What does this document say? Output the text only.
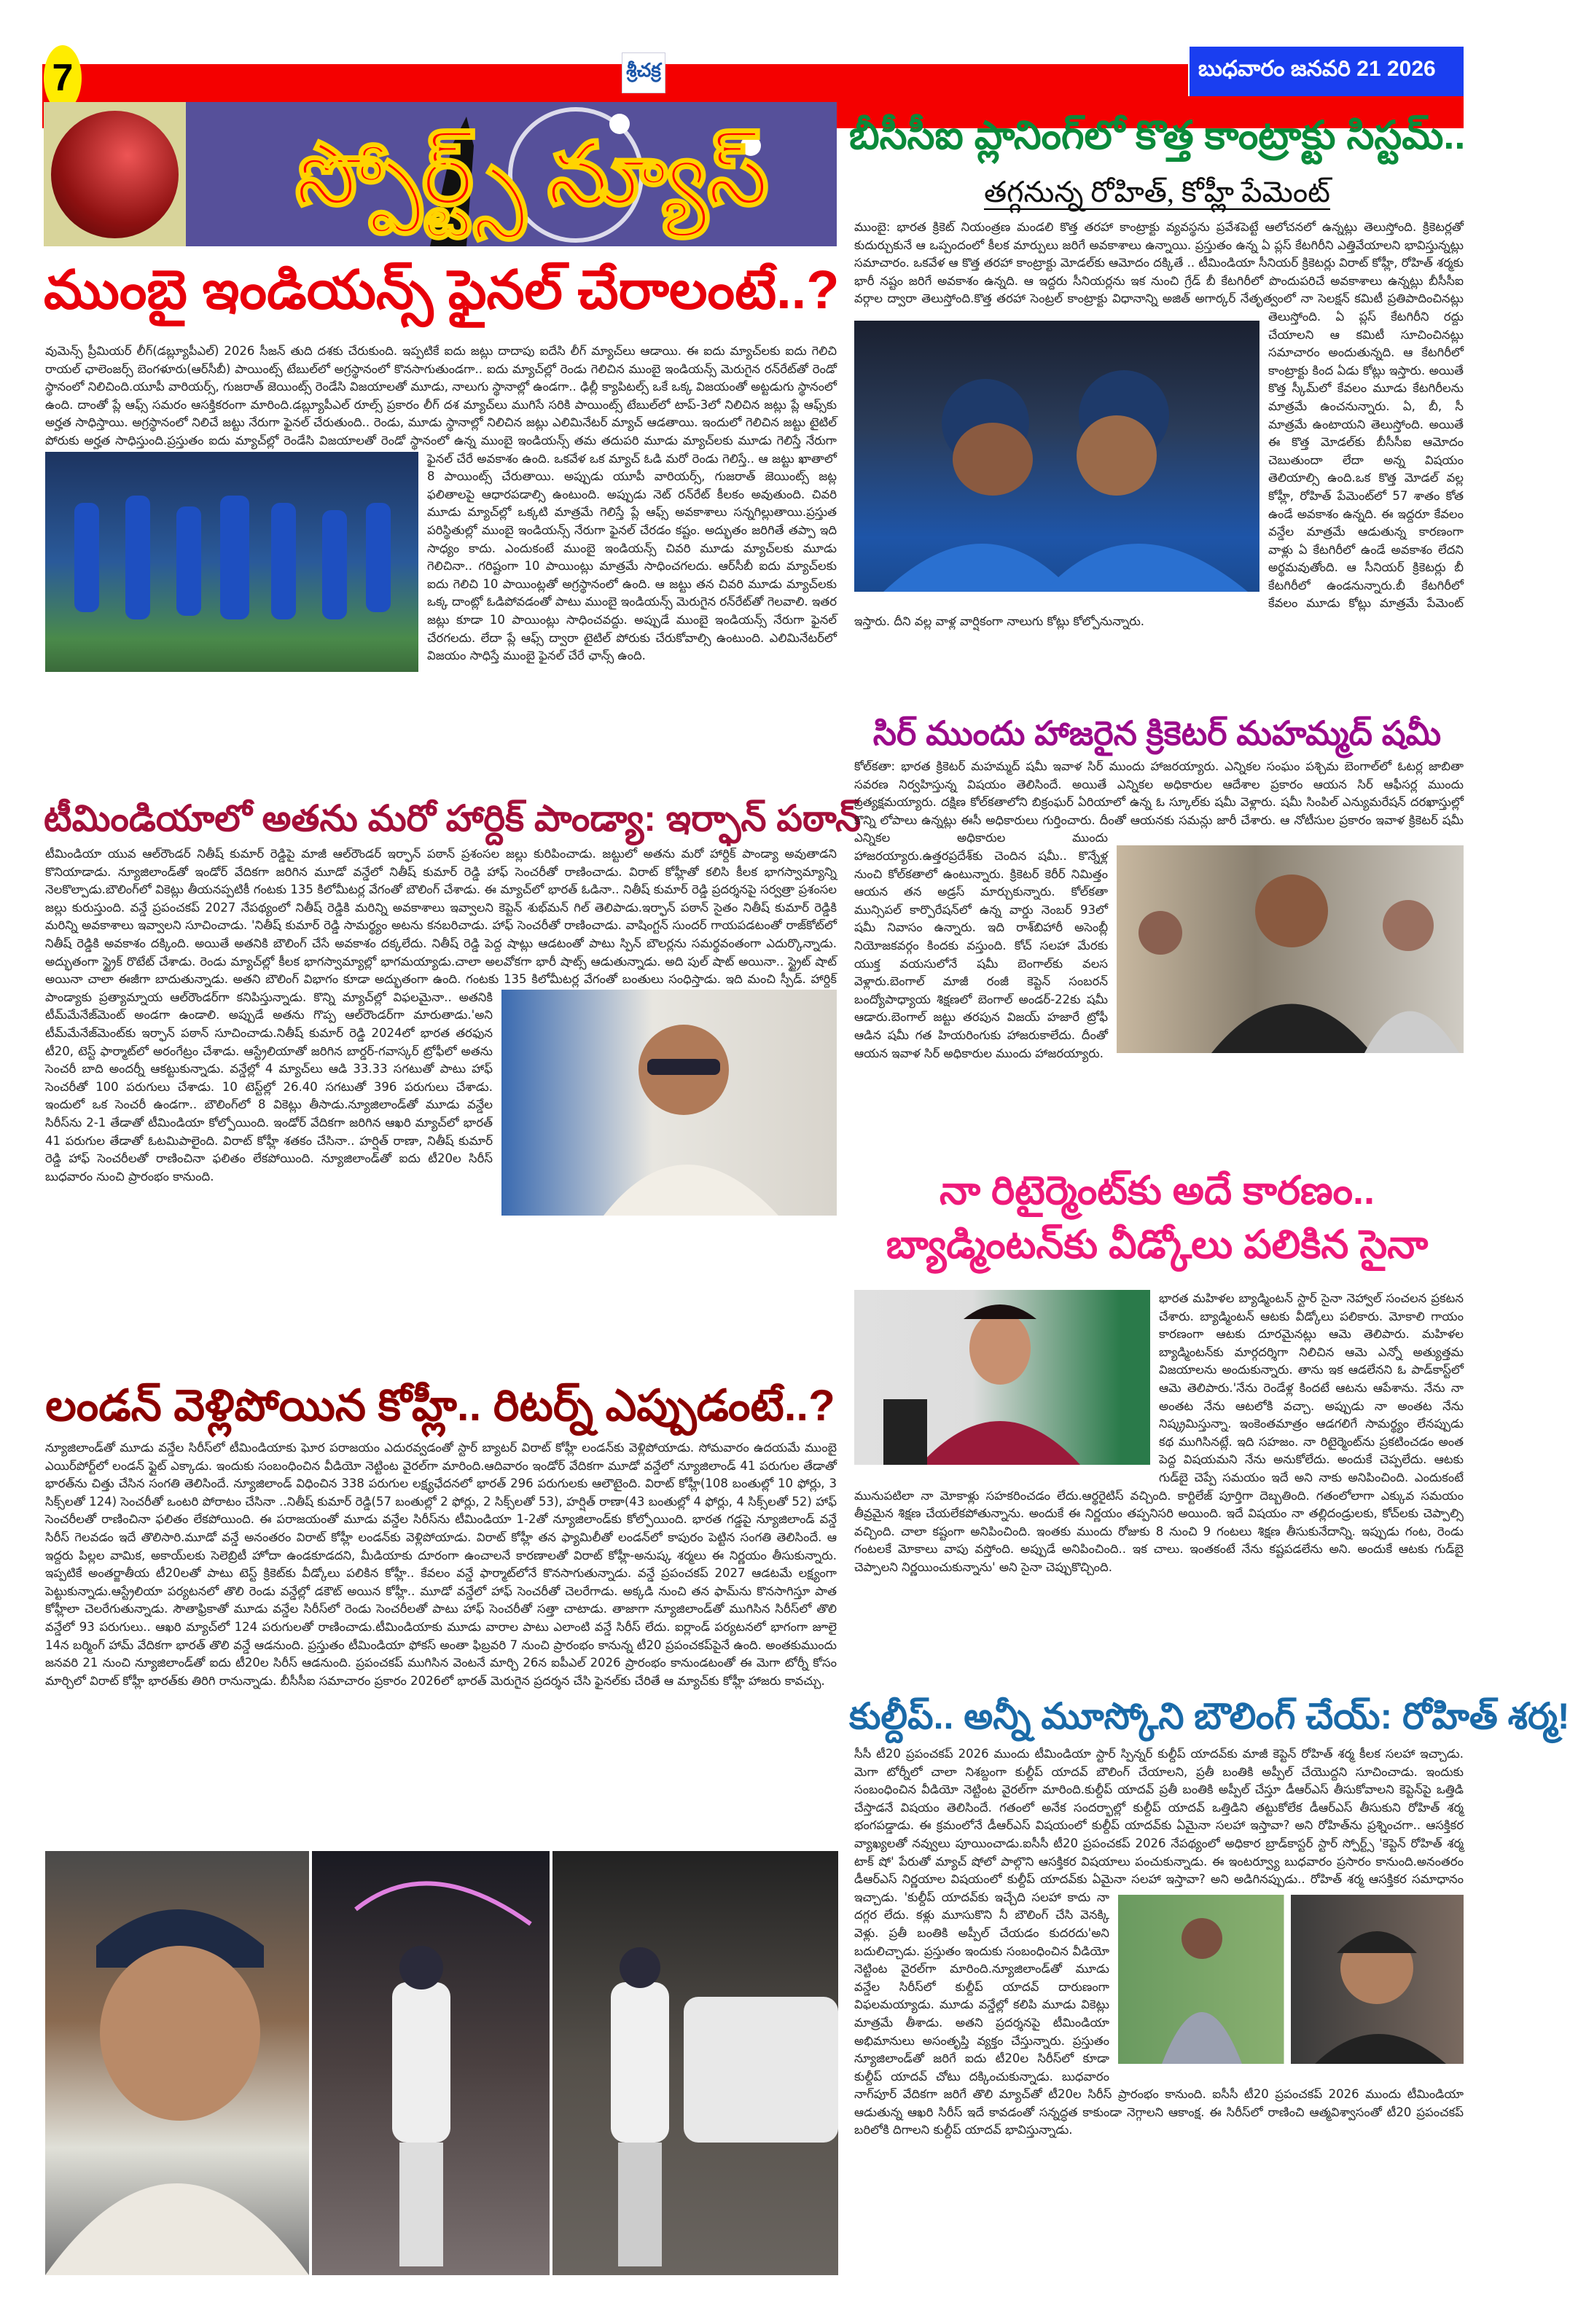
7	శ్రీచక్ర	బుధవారం జనవరి 21 2026
స్పోర్ట్స్ న్యూస్
ముంబై ఇండియన్స్ ఫైనల్ చేరాలంటే..?

వుమెన్స్ ప్రీమియర్ లీగ్(డబ్ల్యూపీఎల్) 2026 సీజన్ తుది దశకు చేరుకుంది. ఇప్పటికే ఐదు జట్లు దాదాపు ఐదేసి లీగ్ మ్యాచ్‌లు ఆడాయి. ఈ ఐదు మ్యాచ్‌లకు ఐదు గెలిచి రాయల్ ఛాలెంజర్స్ బెంగళూరు(ఆర్‌సీబీ) పాయింట్స్ టేబుల్‌లో అగ్రస్థానంలో కొనసాగుతుండగా.. ఐదు మ్యాచ్‌ల్లో రెండు గెలిచిన ముంబై ఇండియన్స్ మెరుగైన రన్‌రేట్‌తో రెండో స్థానంలో నిలిచింది.యూపీ వారియర్స్, గుజరాత్ జెయింట్స్ రెండేసి విజయాలతో మూడు, నాలుగు స్థానాల్లో ఉండగా.. ఢిల్లీ క్యాపిటల్స్ ఒకే ఒక్క విజయంతో అట్టడుగు స్థానంలో ఉంది. దాంతో ప్లే ఆఫ్స్ సమరం ఆసక్తికరంగా మారింది.డబ్ల్యూపీఎల్ రూల్స్ ప్రకారం లీగ్ దశ మ్యాచ్‌లు ముగిసే సరికి పాయింట్స్ టేబుల్‌లో టాప్-3లో నిలిచిన జట్లు ప్లే ఆఫ్స్‌కు అర్హత సాధిస్తాయి. అగ్రస్థానంలో నిలిచే జట్టు నేరుగా ఫైనల్ చేరుతుంది.. రెండు, మూడు స్థానాల్లో నిలిచిన జట్లు ఎలిమినేటర్ మ్యాచ్ ఆడతాయి. ఇందులో గెలిచిన జట్టు టైటిల్ పోరుకు అర్హత సాధిస్తుంది.ప్రస్తుతం ఐదు మ్యాచ్‌ల్లో రెండేసి విజయాలతో రెండో స్థానంలో ఉన్న ముంబై ఇండియన్స్ తమ తదుపరి మూడు మ్యాచ్‌లకు మూడు గెలిస్తే నేరుగా ఫైనల్ చేరే అవకాశం ఉంది. ఒకవేళ ఒక మ్యాచ్ ఓడి మరో రెండు గెలిస్తే.. ఆ జట్టు ఖాతాలో 8 పాయింట్స్ చేరుతాయి. అప్పుడు యూపీ వారియర్స్, గుజరాత్ జెయింట్స్ జట్ల ఫలితాలపై ఆధారపడాల్సి ఉంటుంది. అప్పుడు నెట్ రన్‌రేట్ కీలకం అవుతుంది. చివరి మూడు మ్యాచ్‌ల్లో ఒక్కటి మాత్రమే గెలిస్తే ప్లే ఆఫ్స్ అవకాశాలు సన్నగిల్లుతాయి.ప్రస్తుత పరిస్థితుల్లో ముంబై ఇండియన్స్ నేరుగా ఫైనల్ చేరడం కష్టం. అద్భుతం జరిగితే తప్పా ఇది సాధ్యం కాదు. ఎందుకంటే ముంబై ఇండియన్స్ చివరి మూడు మ్యాచ్‌లకు మూడు గెలిచినా.. గరిష్టంగా 10 పాయింట్లు మాత్రమే సాధించగలదు. ఆర్‌సీబీ ఐదు మ్యాచ్‌లకు ఐదు గెలిచి 10 పాయింట్లతో అగ్రస్థానంలో ఉంది. ఆ జట్టు తన చివరి మూడు మ్యాచ్‌లకు ఒక్క దాంట్లో ఓడిపోవడంతో పాటు ముంబై ఇండియన్స్ మెరుగైన రన్‌రేట్‌తో గెలవాలి. ఇతర జట్లు కూడా 10 పాయింట్లు సాధించవద్దు. అప్పుడే ముంబై ఇండియన్స్ నేరుగా ఫైనల్ చేరగలదు. లేదా ప్లే ఆఫ్స్ ద్వారా టైటిల్ పోరుకు చేరుకోవాల్సి ఉంటుంది. ఎలిమినేటర్‌లో విజయం సాధిస్తే ముంబై ఫైనల్ చేరే ఛాన్స్ ఉంది.

టీమిండియాలో అతను మరో హార్దిక్ పాండ్యా: ఇర్ఫాన్ పఠాన్

టీమిండియా యువ ఆల్‌రౌండర్ నితీష్ కుమార్ రెడ్డిపై మాజీ ఆల్‌రౌండర్ ఇర్ఫాన్ పఠాన్ ప్రశంసల జల్లు కురిపించాడు. జట్టులో అతను మరో హార్దిక్ పాండ్యా అవుతాడని కొనియాడాడు. న్యూజిలాండ్‌తో ఇండోర్ వేదికగా జరిగిన మూడో వన్డేలో నితీష్ కుమార్ రెడ్డి హాఫ్ సెంచరీతో రాణించాడు. విరాట్ కోహ్లీతో కలిసి కీలక భాగస్వామ్యాన్ని నెలకొల్పాడు.బౌలింగ్‌లో వికెట్లు తీయనప్పటికీ గంటకు 135 కిలోమీటర్ల వేగంతో బౌలింగ్ చేశాడు. ఈ మ్యాచ్‌లో భారత్ ఓడినా.. నితీష్ కుమార్ రెడ్డి ప్రదర్శనపై సర్వత్రా ప్రశంసల జల్లు కురుస్తుంది. వన్డే ప్రపంచకప్ 2027 నేపథ్యంలో నితీష్ రెడ్డికి మరిన్ని అవకాశాలు ఇవ్వాలని కెప్టెన్ శుభ్‌మన్ గిల్ తెలిపాడు.ఇర్ఫాన్ పఠాన్ సైతం నితీష్ కుమార్ రెడ్డికి మరిన్ని అవకాశాలు ఇవ్వాలని సూచించాడు. 'నితీష్ కుమార్ రెడ్డి సామర్థ్యం అటను కనబరిచాడు. హాఫ్ సెంచరీతో రాణించాడు. వాషింగ్టన్ సుందర్ గాయపడటంతో రాజ్‌కోట్‌లో నితీష్ రెడ్డికి అవకాశం దక్కింది. అయితే అతనికి బౌలింగ్ చేసే అవకాశం దక్కలేదు. నితీష్ రెడ్డి పెద్ద షాట్లు ఆడటంతో పాటు స్పిన్ బౌలర్లను సమర్థవంతంగా ఎదుర్కొన్నాడు. అద్భుతంగా స్ట్రైక్ రొటేట్ చేశాడు. రెండు మ్యాచ్‌ల్లో కీలక భాగస్వామ్యాల్లో భాగమయ్యాడు.చాలా అలవోకగా భారీ షాట్స్ ఆడుతున్నాడు. అది పుల్ షాట్ అయినా.. స్ట్రైట్ షాట్ అయినా చాలా ఈజీగా బాదుతున్నాడు. అతని బౌలింగ్ విభాగం కూడా అద్భుతంగా ఉంది. గంటకు 135 కిలోమీటర్ల వేగంతో బంతులు సంధిస్తాడు. ఇది మంచి స్పీడ్. హార్దిక్ పాండ్యాకు ప్రత్యామ్నాయ ఆల్‌రౌండర్‌గా కనిపిస్తున్నాడు. కొన్ని మ్యాచ్‌ల్లో విఫలమైనా.. అతనికి టీమ్‌మేనేజ్‌మెంట్ అండగా ఉండాలి. అప్పుడే అతను గొప్ప ఆల్‌రౌండర్‌గా మారుతాడు.'అని టీమ్‌మేనేజ్‌మెంట్‌కు ఇర్ఫాన్ పఠాన్ సూచించాడు.నితీష్ కుమార్ రెడ్డి 2024లో భారత తరఫున టీ20, టెస్ట్ ఫార్మాట్‌లో అరంగేట్రం చేశాడు. ఆస్ట్రేలియాతో జరిగిన బార్డర్-గవాస్కర్ ట్రోఫీలో అతను సెంచరీ బాది అందర్నీ ఆకట్టుకున్నాడు. వన్డేల్లో 4 మ్యాచ్‌లు ఆడి 33.33 సగటుతో పాటు హాఫ్ సెంచరీతో 100 పరుగులు చేశాడు. 10 టెస్ట్‌ల్లో 26.40 సగటుతో 396 పరుగులు చేశాడు. ఇందులో ఒక సెంచరీ ఉండగా.. బౌలింగ్‌లో 8 వికెట్లు తీసాడు.న్యూజిలాండ్‌తో మూడు వన్డేల సిరీస్‌ను 2-1 తేడాతో టీమిండియా కోల్పోయింది. ఇండోర్ వేదికగా జరిగిన ఆఖరి మ్యాచ్‌లో భారత్ 41 పరుగుల తేడాతో ఓటమిపాలైంది. విరాట్ కోహ్లీ శతకం చేసినా.. హర్షిత్ రాణా, నితీష్ కుమార్ రెడ్డి హాఫ్ సెంచరీలతో రాణించినా ఫలితం లేకపోయింది. న్యూజిలాండ్‌తో ఐదు టీ20ల సిరీస్ బుధవారం నుంచి ప్రారంభం కానుంది.

లండన్ వెళ్లిపోయిన కోహ్లీ.. రిటర్న్ ఎప్పుడంటే..?

న్యూజిలాండ్‌తో మూడు వన్డేల సిరీస్‌లో టీమిండియాకు ఘోర పరాజయం ఎదురవ్వడంతో స్టార్ బ్యాటర్ విరాట్ కోహ్లీ లండన్‌కు వెళ్లిపోయాడు. సోమవారం ఉదయమే ముంబై ఎయిర్‌పోర్ట్‌లో లండన్ ఫ్లైట్ ఎక్కాడు. ఇందుకు సంబంధించిన వీడియో నెట్టింట వైరల్‌గా మారింది.ఆదివారం ఇండోర్ వేదికగా మూడో వన్డేలో న్యూజిలాండ్ 41 పరుగుల తేడాతో భారత్‌ను చిత్తు చేసిన సంగతి తెలిసిందే. న్యూజిలాండ్ విధించిన 338 పరుగుల లక్ష్యఛేదనలో భారత్ 296 పరుగులకు ఆలౌటైంది. విరాట్ కోహ్లీ(108 బంతుల్లో 10 ఫోర్లు, 3 సిక్స్‌లతో 124) సెంచరీతో ఒంటరి పోరాటం చేసినా ..నితీష్ కుమార్ రెడ్డి(57 బంతుల్లో 2 ఫోర్లు, 2 సిక్స్‌లతో 53), హర్షిత్ రాణా(43 బంతుల్లో 4 ఫోర్లు, 4 సిక్స్‌లతో 52) హాఫ్ సెంచరీలతో రాణించినా ఫలితం లేకపోయింది. ఈ పరాజయంతో మూడు వన్డేల సిరీస్‌ను టీమిండియా 1-2తో న్యూజిలాండ్‌కు కోల్పోయింది. భారత గడ్డపై న్యూజిలాండ్ వన్డే సిరీస్ గెలవడం ఇదే తొలిసారి.మూడో వన్డే అనంతరం విరాట్ కోహ్లీ లండన్‌కు వెళ్లిపోయాడు. విరాట్ కోహ్లీ తన ఫ్యామిలీతో లండన్‌లో కాపురం పెట్టిన సంగతి తెలిసిందే. ఆ ఇద్దరు పిల్లల వామిక, అకాయ్‌లకు సెలెబ్రిటీ హోదా ఉండకూడదని, మీడియాకు దూరంగా ఉంచాలనే కారణాలతో విరాట్ కోహ్లీ-అనుష్క శర్మలు ఈ నిర్ణయం తీసుకున్నారు. ఇప్పటికే అంతర్జాతీయ టీ20లతో పాటు టెస్ట్ క్రికెట్‌కు వీడ్కోలు పలికిన కోహ్లీ.. కేవలం వన్డే ఫార్మాట్‌లోనే కొనసాగుతున్నాడు. వన్డే ప్రపంచకప్ 2027 ఆడటమే లక్ష్యంగా పెట్టుకున్నాడు.ఆస్ట్రేలియా పర్యటనలో తొలి రెండు వన్డేల్లో డకౌట్ అయిన కోహ్లీ.. మూడో వన్డేలో హాఫ్ సెంచరీతో చెలరేగాడు. అక్కడి నుంచి తన ఫామ్‌ను కొనసాగిస్తూ పాత కోహ్లీలా చెలరేగుతున్నాడు. సౌతాఫ్రికాతో మూడు వన్డేల సిరీస్‌లో రెండు సెంచరీలతో పాటు హాఫ్ సెంచరీతో సత్తా చాటాడు. తాజాగా న్యూజిలాండ్‌తో ముగిసిన సిరీస్‌లో తొలి వన్డేలో 93 పరుగులు.. ఆఖరి మ్యాచ్‌లో 124 పరుగులతో రాణించాడు.టీమిండియాకు మూడు వారాల పాటు ఎలాంటి వన్డే సిరీస్ లేదు. ఐర్లాండ్ పర్యటనలో భాగంగా జూలై 14న బర్మింగ్ హామ్ వేదికగా భారత్ తొలి వన్డే ఆడనుంది. ప్రస్తుతం టీమిండియా ఫోకస్ అంతా ఫిబ్రవరి 7 నుంచి ప్రారంభం కానున్న టీ20 ప్రపంచకప్‌పైనే ఉంది. అంతకుముందు జనవరి 21 నుంచి న్యూజిలాండ్‌తో ఐదు టీ20ల సిరీస్ ఆడనుంది. ప్రపంచకప్ ముగిసిన వెంటనే మార్చి 26న ఐపీఎల్ 2026 ప్రారంభం కానుండటంతో ఈ మెగా టోర్నీ కోసం మార్చిలో విరాట్ కోహ్లీ భారత్‌కు తిరిగి రానున్నాడు. బీసీసీఐ సమాచారం ప్రకారం 2026లో భారత్ మెరుగైన ప్రదర్శన చేసి ఫైనల్‌కు చేరితే ఆ మ్యాచ్‌కు కోహ్లీ హాజరు కావచ్చు.

బీసీసీఐ ప్లానింగ్‌లో కొత్త కాంట్రాక్టు సిస్టమ్..
తగ్గనున్న రోహిత్, కోహ్లీ పేమెంట్

ముంబై: భారత క్రికెట్ నియంత్రణ మండలి కొత్త తరహా కాంట్రాక్టు వ్యవస్థను ప్రవేశపెట్టే ఆలోచనలో ఉన్నట్లు తెలుస్తోంది. క్రికెటర్లతో కుదుర్చుకునే ఆ ఒప్పందంలో కీలక మార్పులు జరిగే అవకాశాలు ఉన్నాయి. ప్రస్తుతం ఉన్న ఏ ప్లస్ కేటగిరీని ఎత్తివేయాలని భావిస్తున్నట్లు సమాచారం. ఒకవేళ ఆ కొత్త తరహా కాంట్రాక్టు మోడల్‌కు ఆమోదం దక్కితే .. టీమిండియా సీనియర్ క్రికెటర్లు విరాట్ కోహ్లీ, రోహిత్ శర్మకు భారీ నష్టం జరిగే అవకాశం ఉన్నది. ఆ ఇద్దరు సీనియర్లను ఇక నుంచి గ్రేడ్ బీ కేటగిరీలో పొందుపరిచే అవకాశాలు ఉన్నట్లు బీసీసీఐ వర్గాల ద్వారా తెలుస్తోంది.కొత్త తరహా సెంట్రల్ కాంట్రాక్టు విధానాన్ని అజిత్ అగార్కర్ నేతృత్వంలో నా సెలక్షన్ కమిటీ ప్రతిపాదించినట్లు తెలుస్తోంది. ఏ ప్లస్ కేటగిరీని రద్దు చేయాలని ఆ కమిటీ సూచించినట్లు సమాచారం అందుతున్నది. ఆ కేటగిరీలో కాంట్రాక్టు కింద ఏడు కోట్లు ఇస్తారు. అయితే కొత్త స్కీమ్‌లో కేవలం మూడు కేటగిరీలను మాత్రమే ఉంచనున్నారు. ఏ, బీ, సీ మాత్రమే ఉంటాయని తెలుస్తోంది. అయితే ఈ కొత్త మోడల్‌కు బీసీసీఐ ఆమోదం చెబుతుందా లేదా అన్న విషయం తెలియాల్సి ఉంది.ఒక కొత్త మోడల్ వల్ల కోహ్లీ, రోహిత్ పేమెంట్‌లో 57 శాతం కోత ఉండే అవకాశం ఉన్నది. ఈ ఇద్దరూ కేవలం వన్డేల మాత్రమే ఆడుతున్న కారణంగా వాళ్లు ఏ కేటగిరీలో ఉండే అవకాశం లేదని అర్థమవుతోంది. ఆ సీనియర్ క్రికెటర్లు బీ కేటగిరీలో ఉండనున్నారు.బీ కేటగిరీలో కేవలం మూడు కోట్లు మాత్రమే పేమెంట్ ఇస్తారు. దీని వల్ల వాళ్ల వార్షికంగా నాలుగు కోట్లు కోల్పోనున్నారు.

సిర్ ముందు హాజరైన క్రికెటర్ మహమ్మద్ షమీ

కోల్‌కతా: భారత క్రికెటర్ మహమ్మద్ షమీ ఇవాళ సిర్ ముందు హాజరయ్యారు. ఎన్నికల సంఘం పశ్చిమ బెంగాల్‌లో ఓటర్ల జాబితా సవరణ నిర్వహిస్తున్న విషయం తెలిసిందే. అయితే ఎన్నికల అధికారుల ఆదేశాల ప్రకారం ఆయన సిర్ ఆఫీసర్ల ముందు ప్రత్యక్షమయ్యారు. దక్షిణ కోల్‌కతాలోని బిక్రంఘర్ ఏరియాలో ఉన్న ఓ స్కూల్‌కు షమీ వెళ్లారు. షమీ సింపిల్ ఎన్యుమరేషన్ దరఖాస్తుల్లో కొన్ని లోపాలు ఉన్నట్లు ఈసీ అధికారులు గుర్తించారు. దీంతో ఆయనకు సమన్లు జారీ చేశారు. ఆ నోటీసుల ప్రకారం ఇవాళ క్రికెటర్ షమీ ఎన్నికల అధికారుల ముందు హాజరయ్యారు.ఉత్తరప్రదేశ్‌కు చెందిన షమీ.. కొన్నేళ్ల నుంచి కోల్‌కతాలో ఉంటున్నారు. క్రికెటర్ కెరీర్ నిమిత్తం ఆయన తన అడ్రస్ మార్చుకున్నారు. కోల్‌కతా మున్సిపల్ కార్పొరేషన్‌లో ఉన్న వార్డు నెంబర్ 93లో షమీ నివాసం ఉన్నారు. ఇది రాశ్‌బిహారీ అసెంబ్లీ నియోజకవర్గం కిందకు వస్తుంది. కోచ్ సలహా మేరకు యుక్త వయసులోనే షమీ బెంగాల్‌కు వలస వెళ్లారు.బెంగాల్ మాజీ రంజీ కెప్టెన్ సంబరన్ బంద్యోపాధ్యాయ శిక్షణలో బెంగాల్ అండర్-22కు షమీ ఆడారు.బెంగాల్ జట్టు తరపున విజయ్ హజారే ట్రోఫీ ఆడిన షమీ గత హియరింగుకు హాజరుకాలేదు. దీంతో ఆయన ఇవాళ సిర్ అధికారుల ముందు హాజరయ్యారు.

నా రిటైర్మెంట్‌కు అదే కారణం..
బ్యాడ్మింటన్‌కు వీడ్కోలు పలికిన సైనా

భారత మహిళల బ్యాడ్మింటన్ స్టార్ సైనా నెహ్వాల్ సంచలన ప్రకటన చేశారు. బ్యాడ్మింటన్ ఆటకు వీడ్కోలు పలికారు. మోకాలి గాయం కారణంగా ఆటకు దూరమైనట్లు ఆమె తెలిపారు. మహిళల బ్యాడ్మింటన్‌కు మార్గదర్శిగా నిలిచిన ఆమె ఎన్నో అత్యుత్తమ విజయాలను అందుకున్నారు. తాను ఇక ఆడలేనని ఓ పాడ్‌కాస్ట్‌లో ఆమె తెలిపారు.'నేను రెండేళ్ల కిందటే ఆటను ఆపేశాను. నేను నా అంతట నేను ఆటలోకి వచ్చా. అప్పుడు నా అంతట నేను నిష్క్రమిస్తున్నా. ఇంకెంతమాత్రం ఆడగలిగే సామర్థ్యం లేనప్పుడు కథ ముగిసినట్లే. ఇది సహజం. నా రిటైర్మెంట్‌ను ప్రకటించడం అంత పెద్ద విషయమని నేను అనుకోలేదు. అందుకే చెప్పలేదు. ఆటకు గుడ్‌బై చెప్పే సమయం ఇదే అని నాకు అనిపించింది. ఎందుకంటే మునుపటిలా నా మోకాళ్లు సహకరించడం లేదు.ఆర్థరైటిస్ వచ్చింది. కార్టిలేజ్ పూర్తిగా దెబ్బతింది. గతంలోలాగా ఎక్కువ సమయం తీవ్రమైన శిక్షణ చేయలేకపోతున్నాను. అందుకే ఈ నిర్ణయం తప్పనిసరి అయింది. ఇదే విషయం నా తల్లిదండ్రులకు, కోచ్‌లకు చెప్పాల్సి వచ్చింది. చాలా కష్టంగా అనిపించింది. ఇంతకు ముందు రోజుకు 8 నుంచి 9 గంటలు శిక్షణ తీసుకునేదాన్ని. ఇప్పుడు గంట, రెండు గంటలకే మోకాలు వాపు వస్తోంది. అప్పుడే అనిపించింది.. ఇక చాలు. ఇంతకంటే నేను కష్టపడలేను అని. అందుకే ఆటకు గుడ్‌బై చెప్పాలని నిర్ణయించుకున్నాను' అని సైనా చెప్పుకొచ్చింది.

కుల్దీప్.. అన్నీ మూస్కోని బౌలింగ్ చేయ్: రోహిత్ శర్మ!

సీసీ టీ20 ప్రపంచకప్ 2026 ముందు టీమిండియా స్టార్ స్పిన్నర్ కుల్దీప్ యాదవ్‌కు మాజీ కెప్టెన్ రోహిత్ శర్మ కీలక సలహా ఇచ్చాడు. మెగా టోర్నీలో చాలా నిశబ్దంగా కుల్దీప్ యాదవ్ బౌలింగ్ చేయాలని, ప్రతీ బంతికి అప్పీల్ చేయొద్దని సూచించాడు. ఇందుకు సంబంధించిన వీడియో నెట్టింట వైరల్‌గా మారింది.కుల్దీప్ యాదవ్ ప్రతీ బంతికి అప్పీల్ చేస్తూ డీఆర్‌ఎస్ తీసుకోవాలని కెప్టెన్‌పై ఒత్తిడి చేస్తాడనే విషయం తెలిసిందే. గతంలో అనేక సందర్భాల్లో కుల్దీప్ యాదవ్ ఒత్తిడిని తట్టుకోలేక డీఆర్‌ఎస్ తీసుకుని రోహిత్ శర్మ భంగపడ్డాడు. ఈ క్రమంలోనే డీఆర్‌ఎస్ విషయంలో కుల్దీప్ యాదవ్‌కు ఏమైనా సలహా ఇస్తావా? అని రోహిత్‌ను ప్రశ్నించగా.. ఆసక్తికర వ్యాఖ్యలతో నవ్వులు పూయించాడు.ఐసీసీ టీ20 ప్రపంచకప్ 2026 నేపథ్యంలో అధికార బ్రాడ్‌కాస్టర్ స్టార్ స్పోర్ట్స్ 'కెప్టెన్ రోహిత్ శర్మ టాక్ షో' పేరుతో మ్యాచ్ షోలో పాల్గొని ఆసక్తికర విషయాలు పంచుకున్నాడు. ఈ ఇంటర్వ్యూ బుధవారం ప్రసారం కానుంది.అనంతరం డీఆర్‌ఎస్ నిర్ణయాల విషయంలో కుల్దీప్ యాదవ్‌కు ఏమైనా సలహా ఇస్తావా? అని అడిగినప్పుడు.. రోహిత్ శర్మ ఆసక్తికర సమాధానం ఇచ్చాడు. 'కుల్దీప్ యాదవ్‌కు ఇచ్చేది సలహా కాదు నా దగ్గర లేదు. కళ్లు మూసుకొని నీ బౌలింగ్ చేసి వెనక్కి వెళ్లు. ప్రతీ బంతికి అప్పీల్ చేయడం కుదరదు'అని బదులిచ్చాడు. ప్రస్తుతం ఇందుకు సంబంధించిన వీడియో నెట్టింట వైరల్‌గా మారింది.న్యూజిలాండ్‌తో మూడు వన్డేల సిరీస్‌లో కుల్దీప్ యాదవ్ దారుణంగా విఫలమయ్యాడు. మూడు వన్డేల్లో కలిపి మూడు వికెట్లు మాత్రమే తీశాడు. అతని ప్రదర్శనపై టీమిండియా అభిమానులు అసంతృప్తి వ్యక్తం చేస్తున్నారు. ప్రస్తుతం న్యూజిలాండ్‌తో జరిగే ఐదు టీ20ల సిరీస్‌లో కూడా కుల్దీప్ యాదవ్ చోటు దక్కించుకున్నాడు. బుధవారం నాగ్‌పూర్ వేదికగా జరిగే తొలి మ్యాచ్‌తో టీ20ల సిరీస్ ప్రారంభం కానుంది. ఐసీసీ టీ20 ప్రపంచకప్ 2026 ముందు టీమిండియా ఆడుతున్న ఆఖరి సిరీస్ ఇదే కావడంతో సన్నద్ధత కాకుండా నెగ్గాలని ఆకాంక్ష. ఈ సిరీస్‌లో రాణించి ఆత్మవిశ్వాసంతో టీ20 ప్రపంచకప్ బరిలోకి దిగాలని కుల్దీప్ యాదవ్ భావిస్తున్నాడు.
